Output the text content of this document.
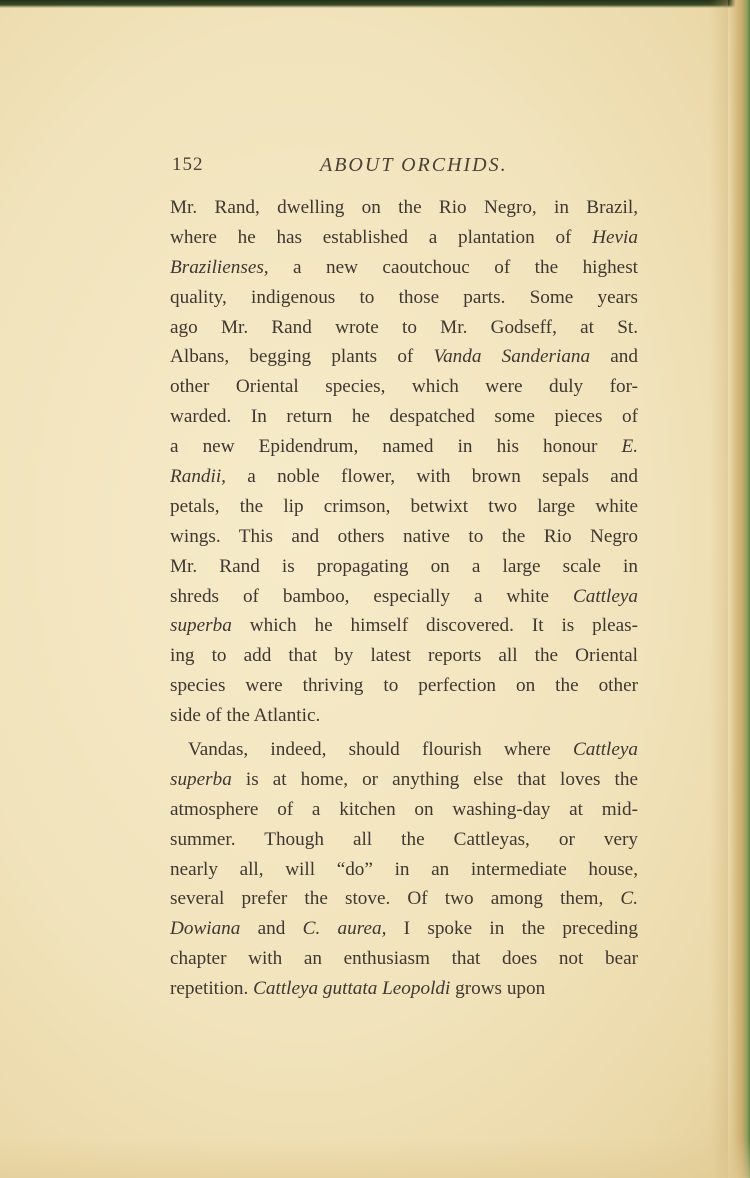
152	ABOUT ORCHIDS.
Mr. Rand, dwelling on the Rio Negro, in Brazil,
where he has established a plantation of Hevia
Brazilienses, a new caoutchouc of the highest
quality, indigenous to those parts. Some years
ago Mr. Rand wrote to Mr. Godseff, at St.
Albans, begging plants of Vanda Sanderiana and
other Oriental species, which were duly for-
warded. In return he despatched some pieces of
a new Epidendrum, named in his honour E.
Randii, a noble flower, with brown sepals and
petals, the lip crimson, betwixt two large white
wings. This and others native to the Rio Negro
Mr. Rand is propagating on a large scale in
shreds of bamboo, especially a white Cattleya
superba which he himself discovered. It is pleas-
ing to add that by latest reports all the Oriental
species were thriving to perfection on the other
side of the Atlantic.
Vandas, indeed, should flourish where Cattleya
superba is at home, or anything else that loves the
atmosphere of a kitchen on washing-day at mid-
summer. Though all the Cattleyas, or very
nearly all, will “do” in an intermediate house,
several prefer the stove. Of two among them, C.
Dowiana and C. aurea, I spoke in the preceding
chapter with an enthusiasm that does not bear
repetition. Cattleya guttata Leopoldi grows upon
